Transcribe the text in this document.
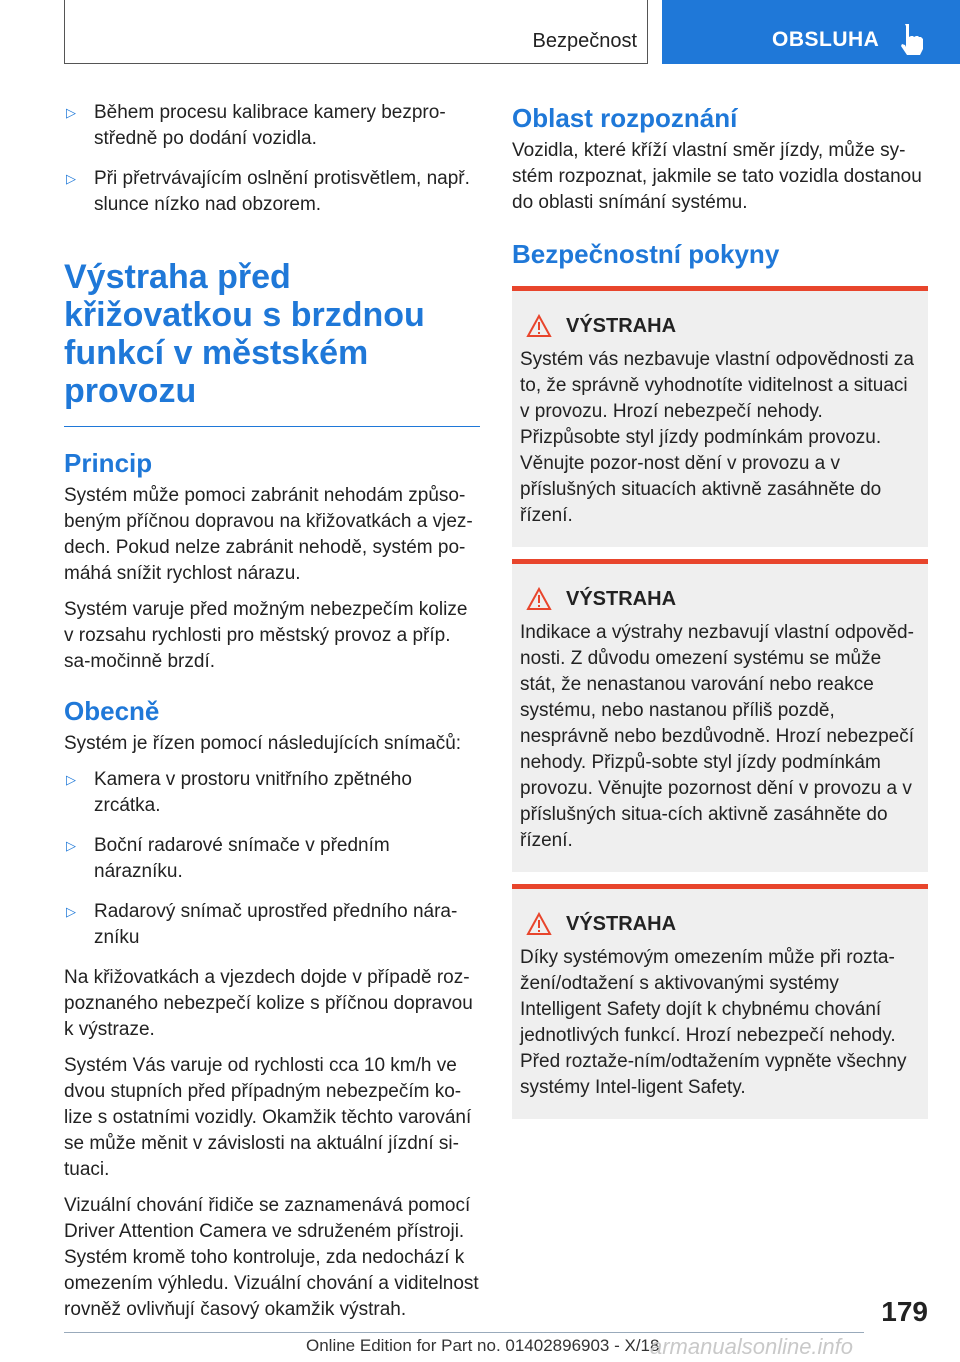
Bezpečnost	OBSLUHA
▷ Během procesu kalibrace kamery bezpro-středně po dodání vozidla.
▷ Při přetrvávajícím oslnění protisvětlem, např. slunce nízko nad obzorem.
Výstraha před křižovatkou s brzdnou funkcí v městském provozu
Princip

Systém může pomoci zabránit nehodám způso-beným příčnou dopravou na křižovatkách a vjez-dech. Pokud nelze zabránit nehodě, systém po-máhá snížit rychlost nárazu.

Systém varuje před možným nebezpečím kolize v rozsahu rychlosti pro městský provoz a příp. sa-močinně brzdí.

Obecně

Systém je řízen pomocí následujících snímačů:

▷ Kamera v prostoru vnitřního zpětného zrcátka.
▷ Boční radarové snímače v předním nárazníku.
▷ Radarový snímač uprostřed předního nára-zníku

Na křižovatkách a vjezdech dojde v případě roz-poznaného nebezpečí kolize s příčnou dopravou k výstraze.

Systém Vás varuje od rychlosti cca 10 km/h ve dvou stupních před případným nebezpečím ko-lize s ostatními vozidly. Okamžik těchto varování se může měnit v závislosti na aktuální jízdní si-tuaci.

Vizuální chování řidiče se zaznamenává pomocí Driver Attention Camera ve sdruženém přístroji. Systém kromě toho kontroluje, zda nedochází k omezením výhledu. Vizuální chování a viditelnost rovněž ovlivňují časový okamžik výstrah.

Oblast rozpoznání

Vozidla, které kříží vlastní směr jízdy, může sy-stém rozpoznat, jakmile se tato vozidla dostanou do oblasti snímání systému.

Bezpečnostní pokyny
VÝSTRAHA

Systém vás nezbavuje vlastní odpovědnosti za to, že správně vyhodnotíte viditelnost a situaci v provozu. Hrozí nebezpečí nehody. Přizpůsobte styl jízdy podmínkám provozu. Věnujte pozor-nost dění v provozu a v příslušných situacích aktivně zasáhněte do řízení.

VÝSTRAHA

Indikace a výstrahy nezbavují vlastní odpověd-nosti. Z důvodu omezení systému se může stát, že nenastanou varování nebo reakce systému, nebo nastanou příliš pozdě, nesprávně nebo bezdůvodně. Hrozí nebezpečí nehody. Přizpů-sobte styl jízdy podmínkám provozu. Věnujte pozornost dění v provozu a v příslušných situa-cích aktivně zasáhněte do řízení.

VÝSTRAHA

Díky systémovým omezením může při rozta-žení/odtažení s aktivovanými systémy Intelligent Safety dojít k chybnému chování jednotlivých funkcí. Hrozí nebezpečí nehody. Před roztaže-ním/odtažením vypněte všechny systémy Intel-ligent Safety.

179
Online Edition for Part no. 01402896903 - X/18
armanualsonline.info
